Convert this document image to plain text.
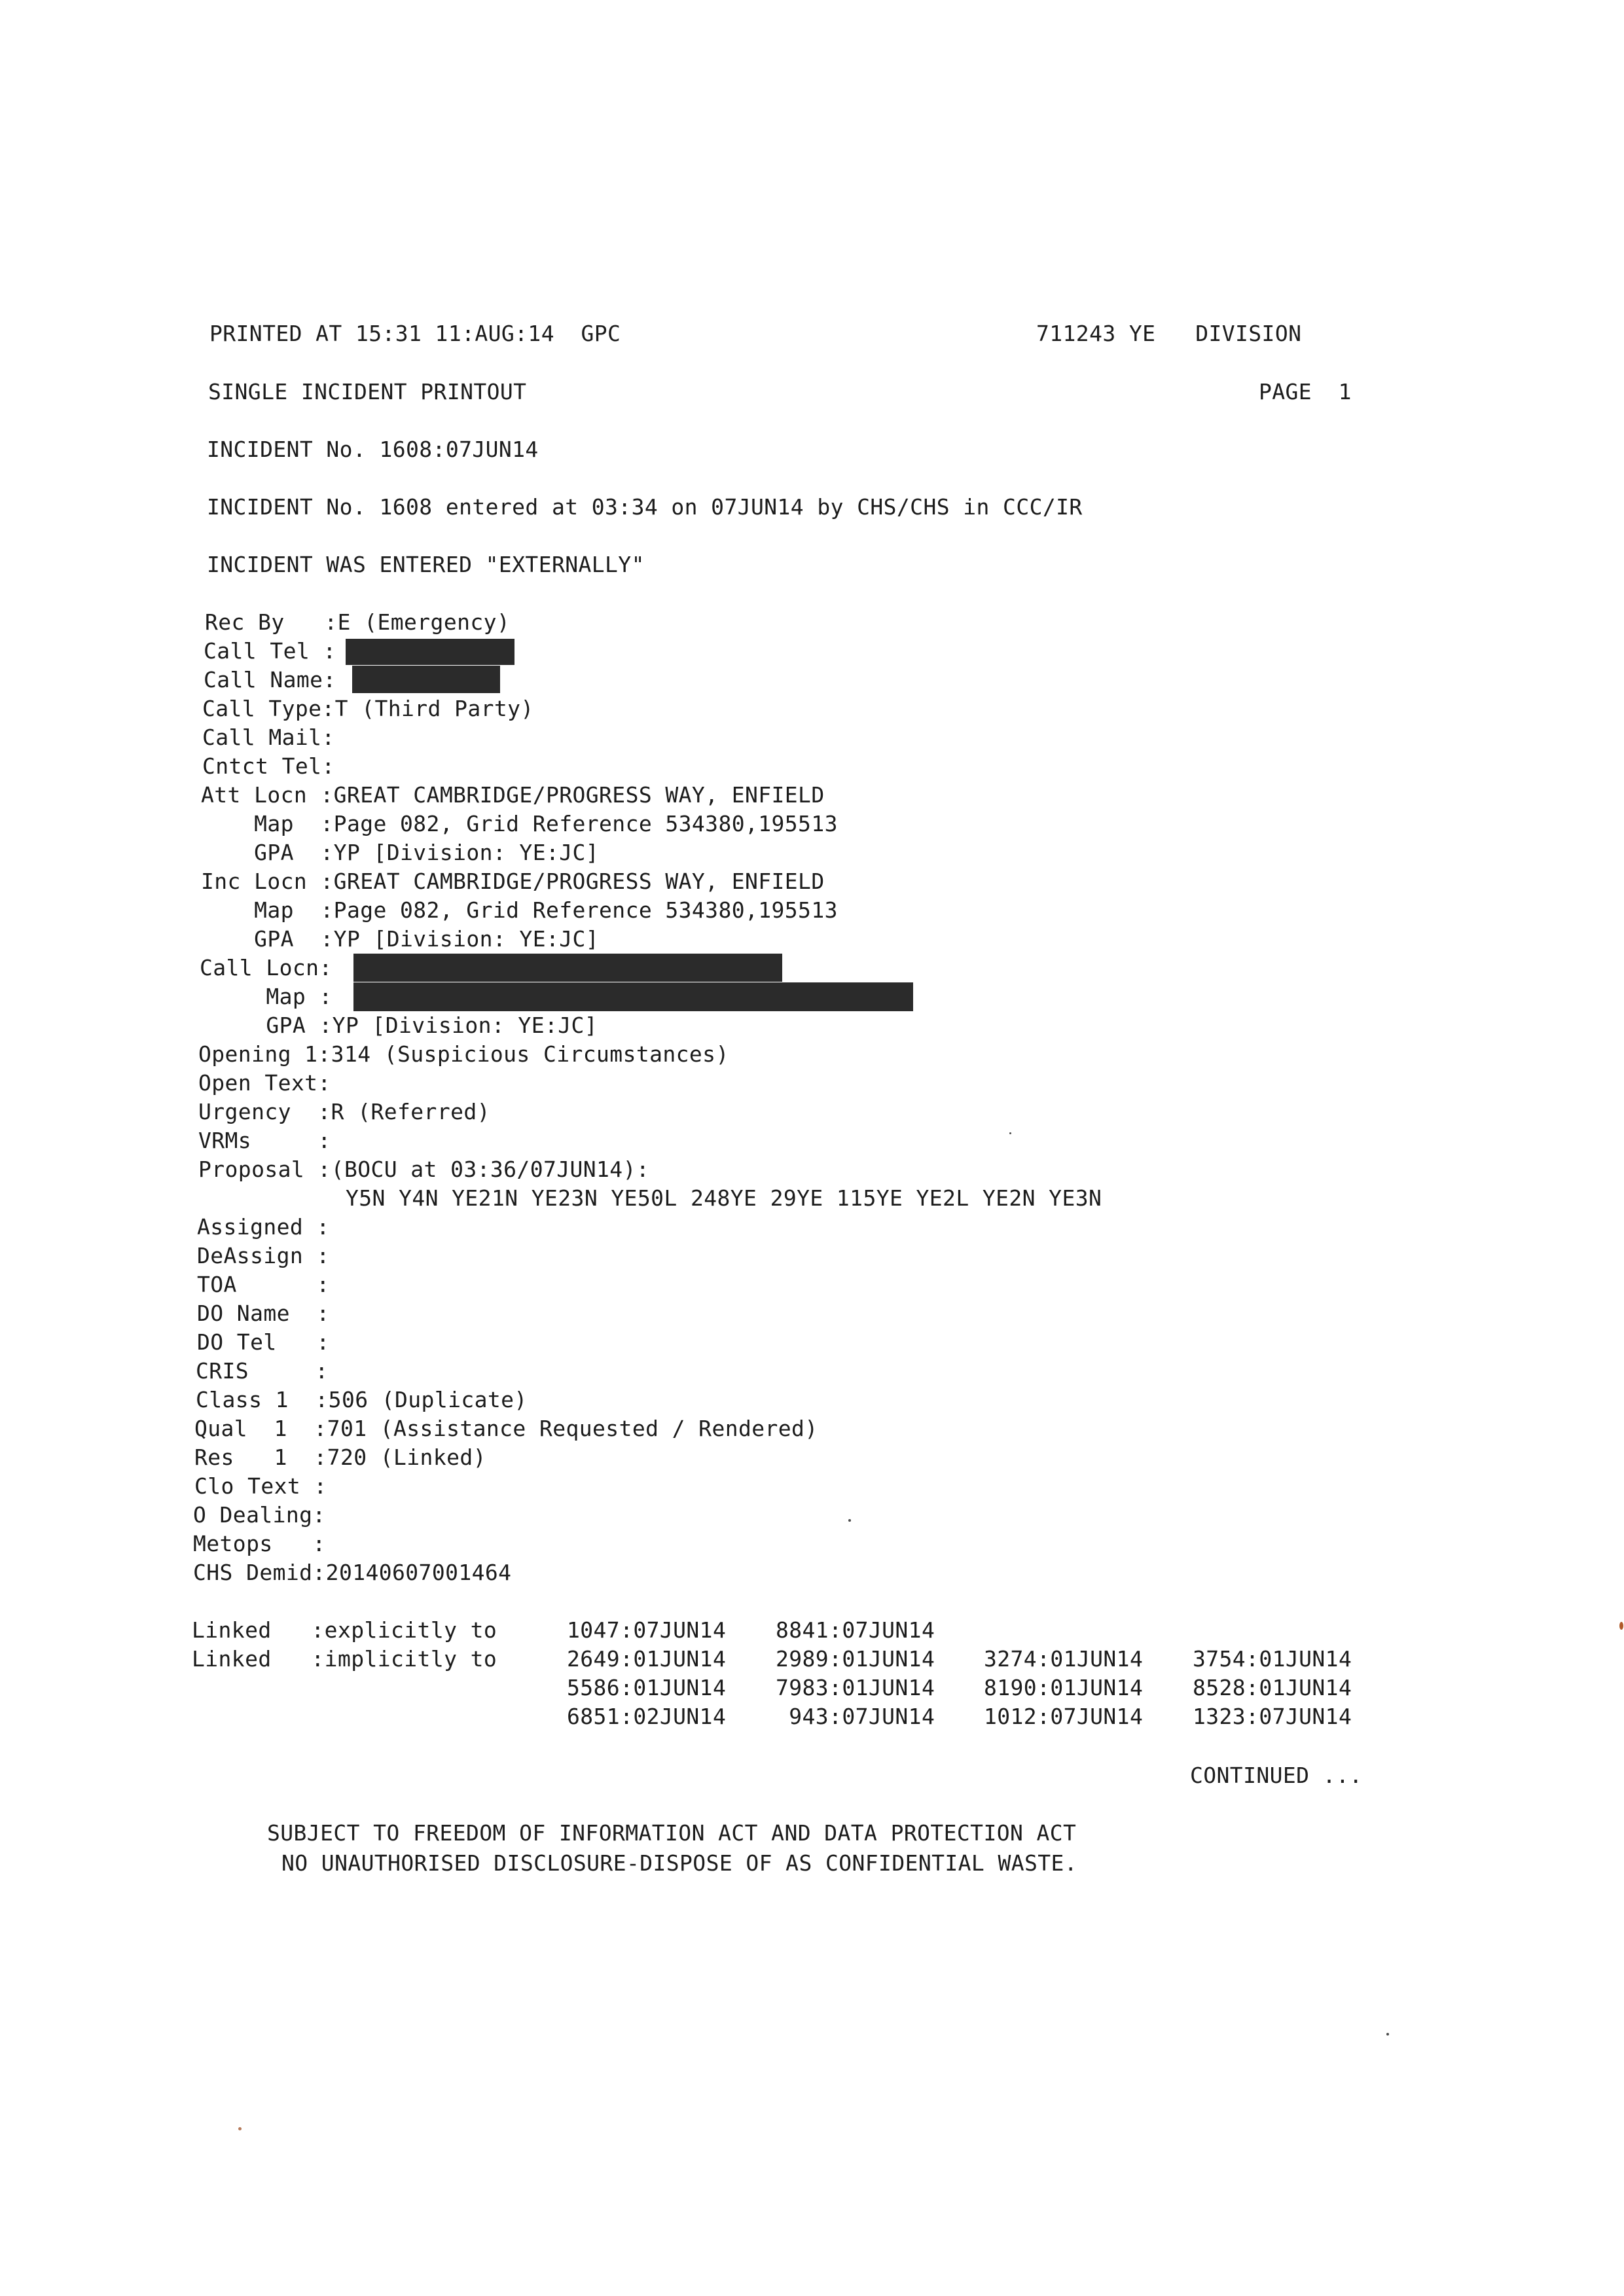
PRINTED AT 15:31 11:AUG:14  GPC	711243 YE   DIVISION

SINGLE INCIDENT PRINTOUT	PAGE  1

INCIDENT No. 1608:07JUN14

INCIDENT No. 1608 entered at 03:34 on 07JUN14 by CHS/CHS in CCC/IR

INCIDENT WAS ENTERED "EXTERNALLY"

Rec By   :E (Emergency)

Call Tel :

Call Name:

Call Type:T (Third Party)

Call Mail:

Cntct Tel:

Att Locn :GREAT CAMBRIDGE/PROGRESS WAY, ENFIELD

Map  :Page 082, Grid Reference 534380,195513

GPA  :YP [Division: YE:JC]

Inc Locn :GREAT CAMBRIDGE/PROGRESS WAY, ENFIELD

Map  :Page 082, Grid Reference 534380,195513

GPA  :YP [Division: YE:JC]

Call Locn:

Map :

GPA :YP [Division: YE:JC]

Opening 1:314 (Suspicious Circumstances)

Open Text:

Urgency  :R (Referred)

VRMs     :

Proposal :(BOCU at 03:36/07JUN14):

Y5N Y4N YE21N YE23N YE50L 248YE 29YE 115YE YE2L YE2N YE3N

Assigned :

DeAssign :

TOA      :

DO Name  :

DO Tel   :

CRIS     :

Class 1  :506 (Duplicate)

Qual  1  :701 (Assistance Requested / Rendered)

Res   1  :720 (Linked)

Clo Text :

O Dealing:

Metops   :

CHS Demid:20140607001464

Linked   :explicitly to	1047:07JUN14 8841:07JUN14

Linked   :implicitly to	2649:01JUN14 2989:01JUN14 3274:01JUN14 3754:01JUN14

5586:01JUN14 7983:01JUN14 8190:01JUN14 8528:01JUN14

6851:02JUN14 943:07JUN14 1012:07JUN14 1323:07JUN14

CONTINUED ...

SUBJECT TO FREEDOM OF INFORMATION ACT AND DATA PROTECTION ACT

NO UNAUTHORISED DISCLOSURE-DISPOSE OF AS CONFIDENTIAL WASTE.
